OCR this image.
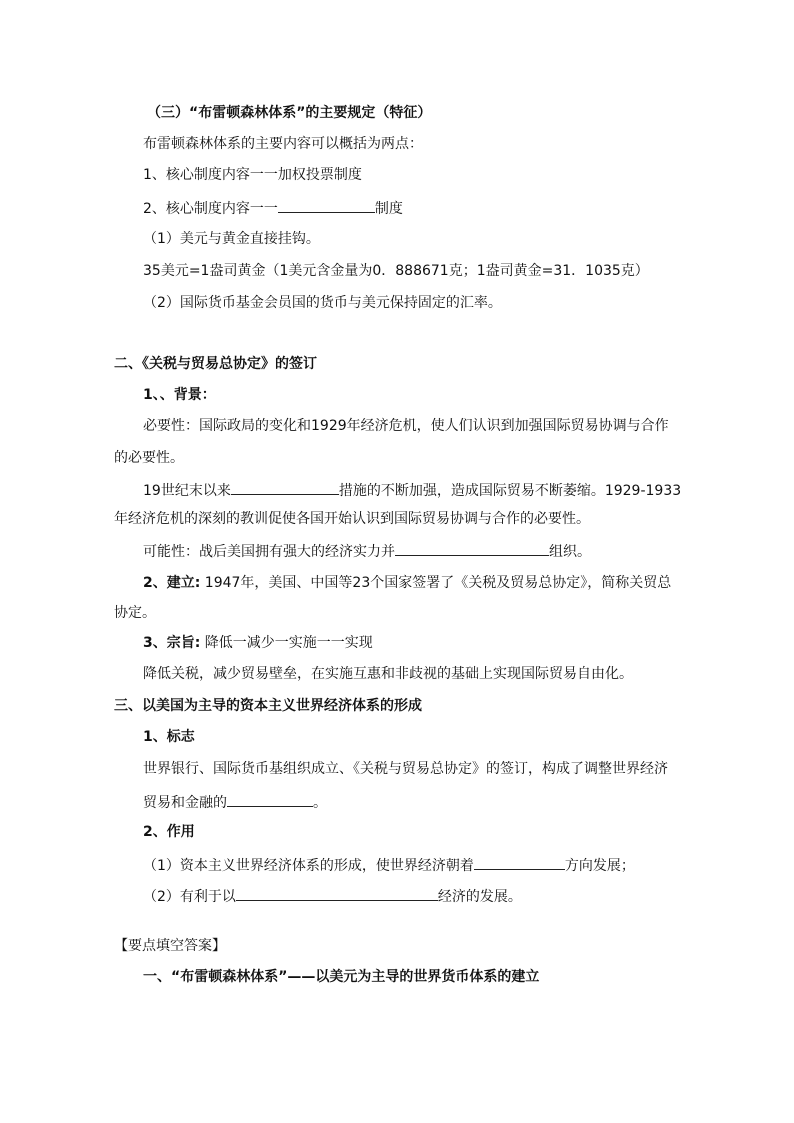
（三）“布雷顿森林体系”的主要规定（特征）
布雷顿森林体系的主要内容可以概括为两点：
1、核心制度内容一一加权投票制度
2、核心制度内容一一	制度
（1）美元与黄金直接挂钩。
35美元=1盎司黄金（1美元含金量为0．888671克；1盎司黄金=31．1035克）
（2）国际货币基金会员国的货币与美元保持固定的汇率。
二、《关税与贸易总协定》的签订
1、、背景：
必要性：国际政局的变化和1929年经济危机，使人们认识到加强国际贸易协调与合作
的必要性。
19世纪末以来	措施的不断加强，造成国际贸易不断萎缩。1929-1933
年经济危机的深刻的教训促使各国开始认识到国际贸易协调与合作的必要性。
可能性：战后美国拥有强大的经济实力并	组织。
2、建立: 1947年，美国、中国等23个国家签署了《关税及贸易总协定》，简称关贸总
协定。
3、宗旨: 降低一减少一实施一一实现
降低关税，减少贸易壁垒，在实施互惠和非歧视的基础上实现国际贸易自由化。
三、以美国为主导的资本主义世界经济体系的形成
1、标志
世界银行、国际货币基组织成立、《关税与贸易总协定》的签订，构成了调整世界经济
贸易和金融的	。
2、作用
（1）资本主义世界经济体系的形成，使世界经济朝着	方向发展；
（2）有利于以	经济的发展。
【要点填空答案】
一、“布雷顿森林体系”——以美元为主导的世界货币体系的建立
